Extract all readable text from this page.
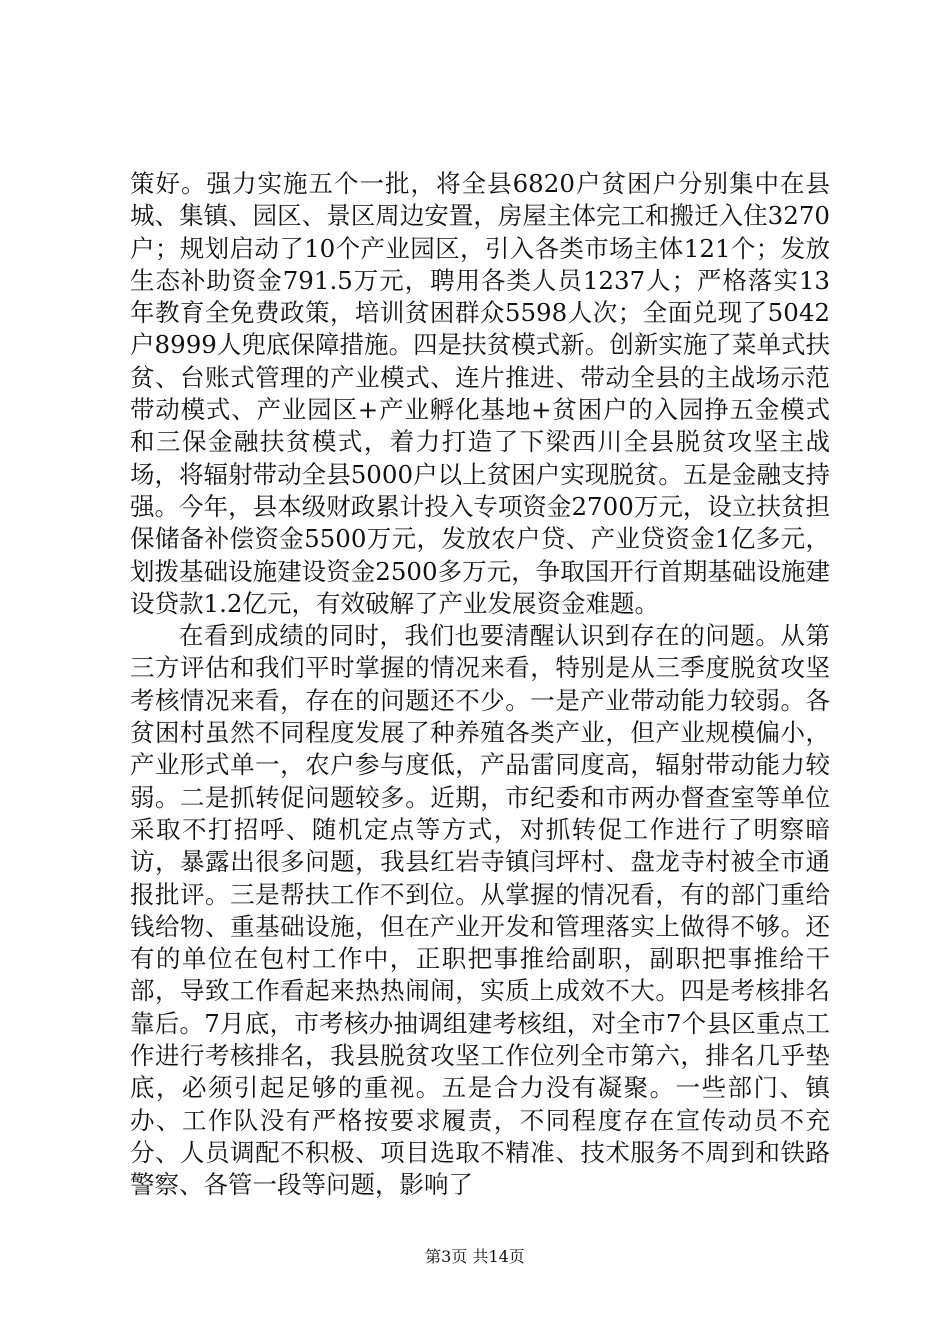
策好。强力实施五个一批，将全县6820户贫困户分别集中在县城、集镇、园区、景区周边安置，房屋主体完工和搬迁入住3270户；规划启动了10个产业园区，引入各类市场主体121个；发放生态补助资金791.5万元，聘用各类人员1237人；严格落实13年教育全免费政策，培训贫困群众5598人次；全面兑现了5042户8999人兜底保障措施。四是扶贫模式新。创新实施了菜单式扶贫、台账式管理的产业模式、连片推进、带动全县的主战场示范带动模式、产业园区+产业孵化基地+贫困户的入园挣五金模式和三保金融扶贫模式，着力打造了下梁西川全县脱贫攻坚主战场，将辐射带动全县5000户以上贫困户实现脱贫。五是金融支持强。今年，县本级财政累计投入专项资金2700万元，设立扶贫担保储备补偿资金5500万元，发放农户贷、产业贷资金1亿多元，划拨基础设施建设资金2500多万元，争取国开行首期基础设施建设贷款1.2亿元，有效破解了产业发展资金难题。

在看到成绩的同时，我们也要清醒认识到存在的问题。从第三方评估和我们平时掌握的情况来看，特别是从三季度脱贫攻坚考核情况来看，存在的问题还不少。一是产业带动能力较弱。各贫困村虽然不同程度发展了种养殖各类产业，但产业规模偏小，产业形式单一，农户参与度低，产品雷同度高，辐射带动能力较弱。二是抓转促问题较多。近期，市纪委和市两办督查室等单位采取不打招呼、随机定点等方式，对抓转促工作进行了明察暗访，暴露出很多问题，我县红岩寺镇闫坪村、盘龙寺村被全市通报批评。三是帮扶工作不到位。从掌握的情况看，有的部门重给钱给物、重基础设施，但在产业开发和管理落实上做得不够。还有的单位在包村工作中，正职把事推给副职，副职把事推给干部，导致工作看起来热热闹闹，实质上成效不大。四是考核排名靠后。7月底，市考核办抽调组建考核组，对全市7个县区重点工作进行考核排名，我县脱贫攻坚工作位列全市第六，排名几乎垫底，必须引起足够的重视。五是合力没有凝聚。一些部门、镇办、工作队没有严格按要求履责，不同程度存在宣传动员不充分、人员调配不积极、项目选取不精准、技术服务不周到和铁路警察、各管一段等问题，影响了

第3页 共14页
